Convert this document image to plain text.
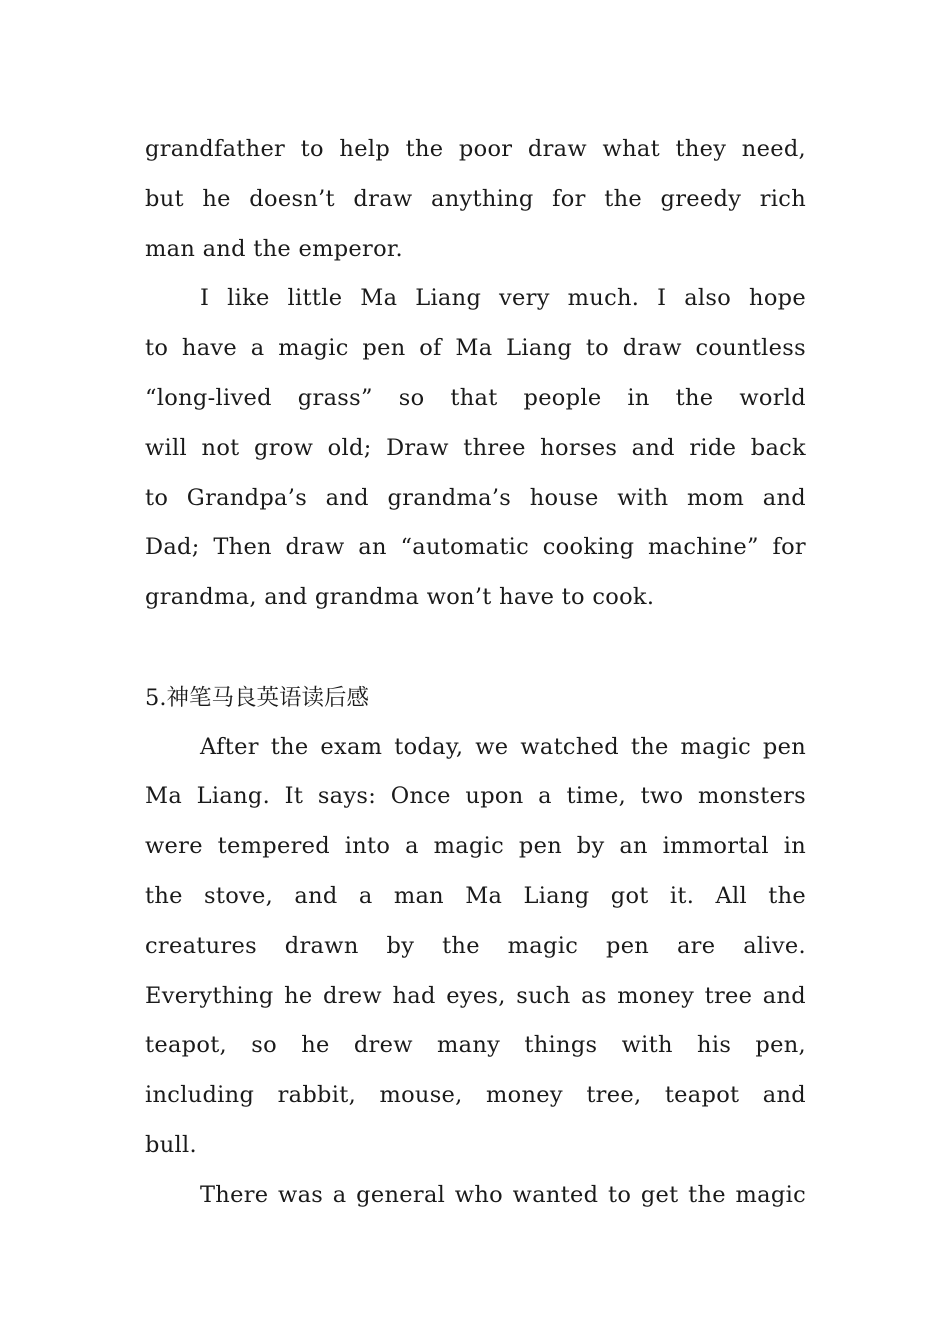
grandfather to help the poor draw what they need,
but he doesn’t draw anything for the greedy rich
man and the emperor.
I like little Ma Liang very much. I also hope
to have a magic pen of Ma Liang to draw countless
“long-lived grass” so that people in the world
will not grow old; Draw three horses and ride back
to Grandpa’s and grandma’s house with mom and
Dad; Then draw an “automatic cooking machine” for
grandma, and grandma won’t have to cook.
5.神笔马良英语读后感
After the exam today, we watched the magic pen
Ma Liang. It says: Once upon a time, two monsters
were tempered into a magic pen by an immortal in
the stove, and a man Ma Liang got it. All the
creatures drawn by the magic pen are alive.
Everything he drew had eyes, such as money tree and
teapot, so he drew many things with his pen,
including rabbit, mouse, money tree, teapot and
bull.
There was a general who wanted to get the magic
